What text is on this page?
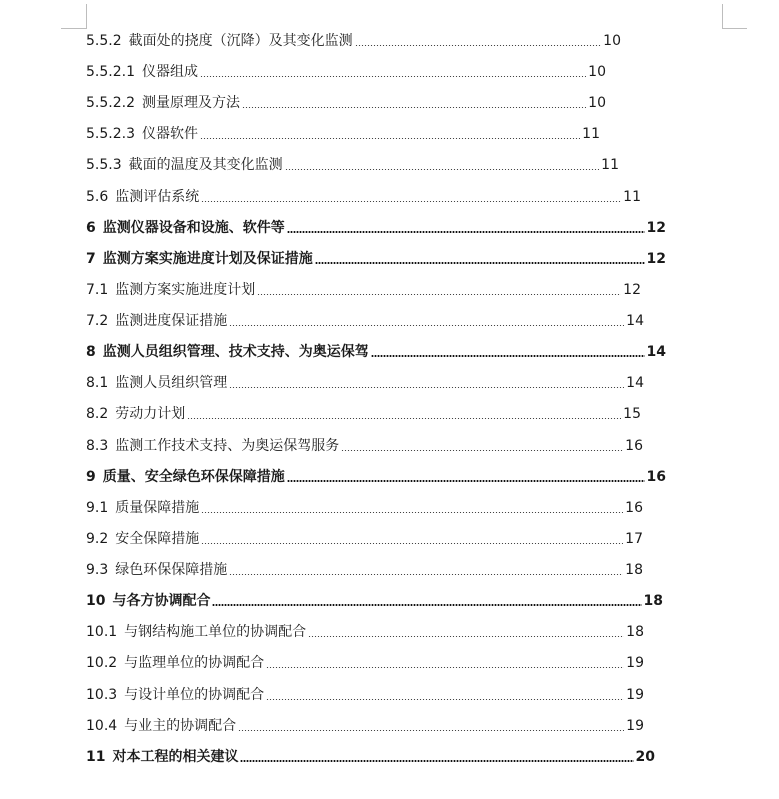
5.5.2 截面处的挠度（沉降）及其变化监测	10
5.5.2.1 仪器组成	10
5.5.2.2 测量原理及方法	10
5.5.2.3 仪器软件	11
5.5.3 截面的温度及其变化监测	11
5.6 监测评估系统	11
6 监测仪器设备和设施、软件等	12
7 监测方案实施进度计划及保证措施	12
7.1 监测方案实施进度计划	12
7.2 监测进度保证措施	14
8 监测人员组织管理、技术支持、为奥运保驾	14
8.1 监测人员组织管理	14
8.2 劳动力计划	15
8.3 监测工作技术支持、为奥运保驾服务	16
9 质量、安全绿色环保保障措施	16
9.1 质量保障措施	16
9.2 安全保障措施	17
9.3 绿色环保保障措施	18
10 与各方协调配合	18
10.1 与钢结构施工单位的协调配合	18
10.2 与监理单位的协调配合	19
10.3 与设计单位的协调配合	19
10.4 与业主的协调配合	19
11 对本工程的相关建议	20
